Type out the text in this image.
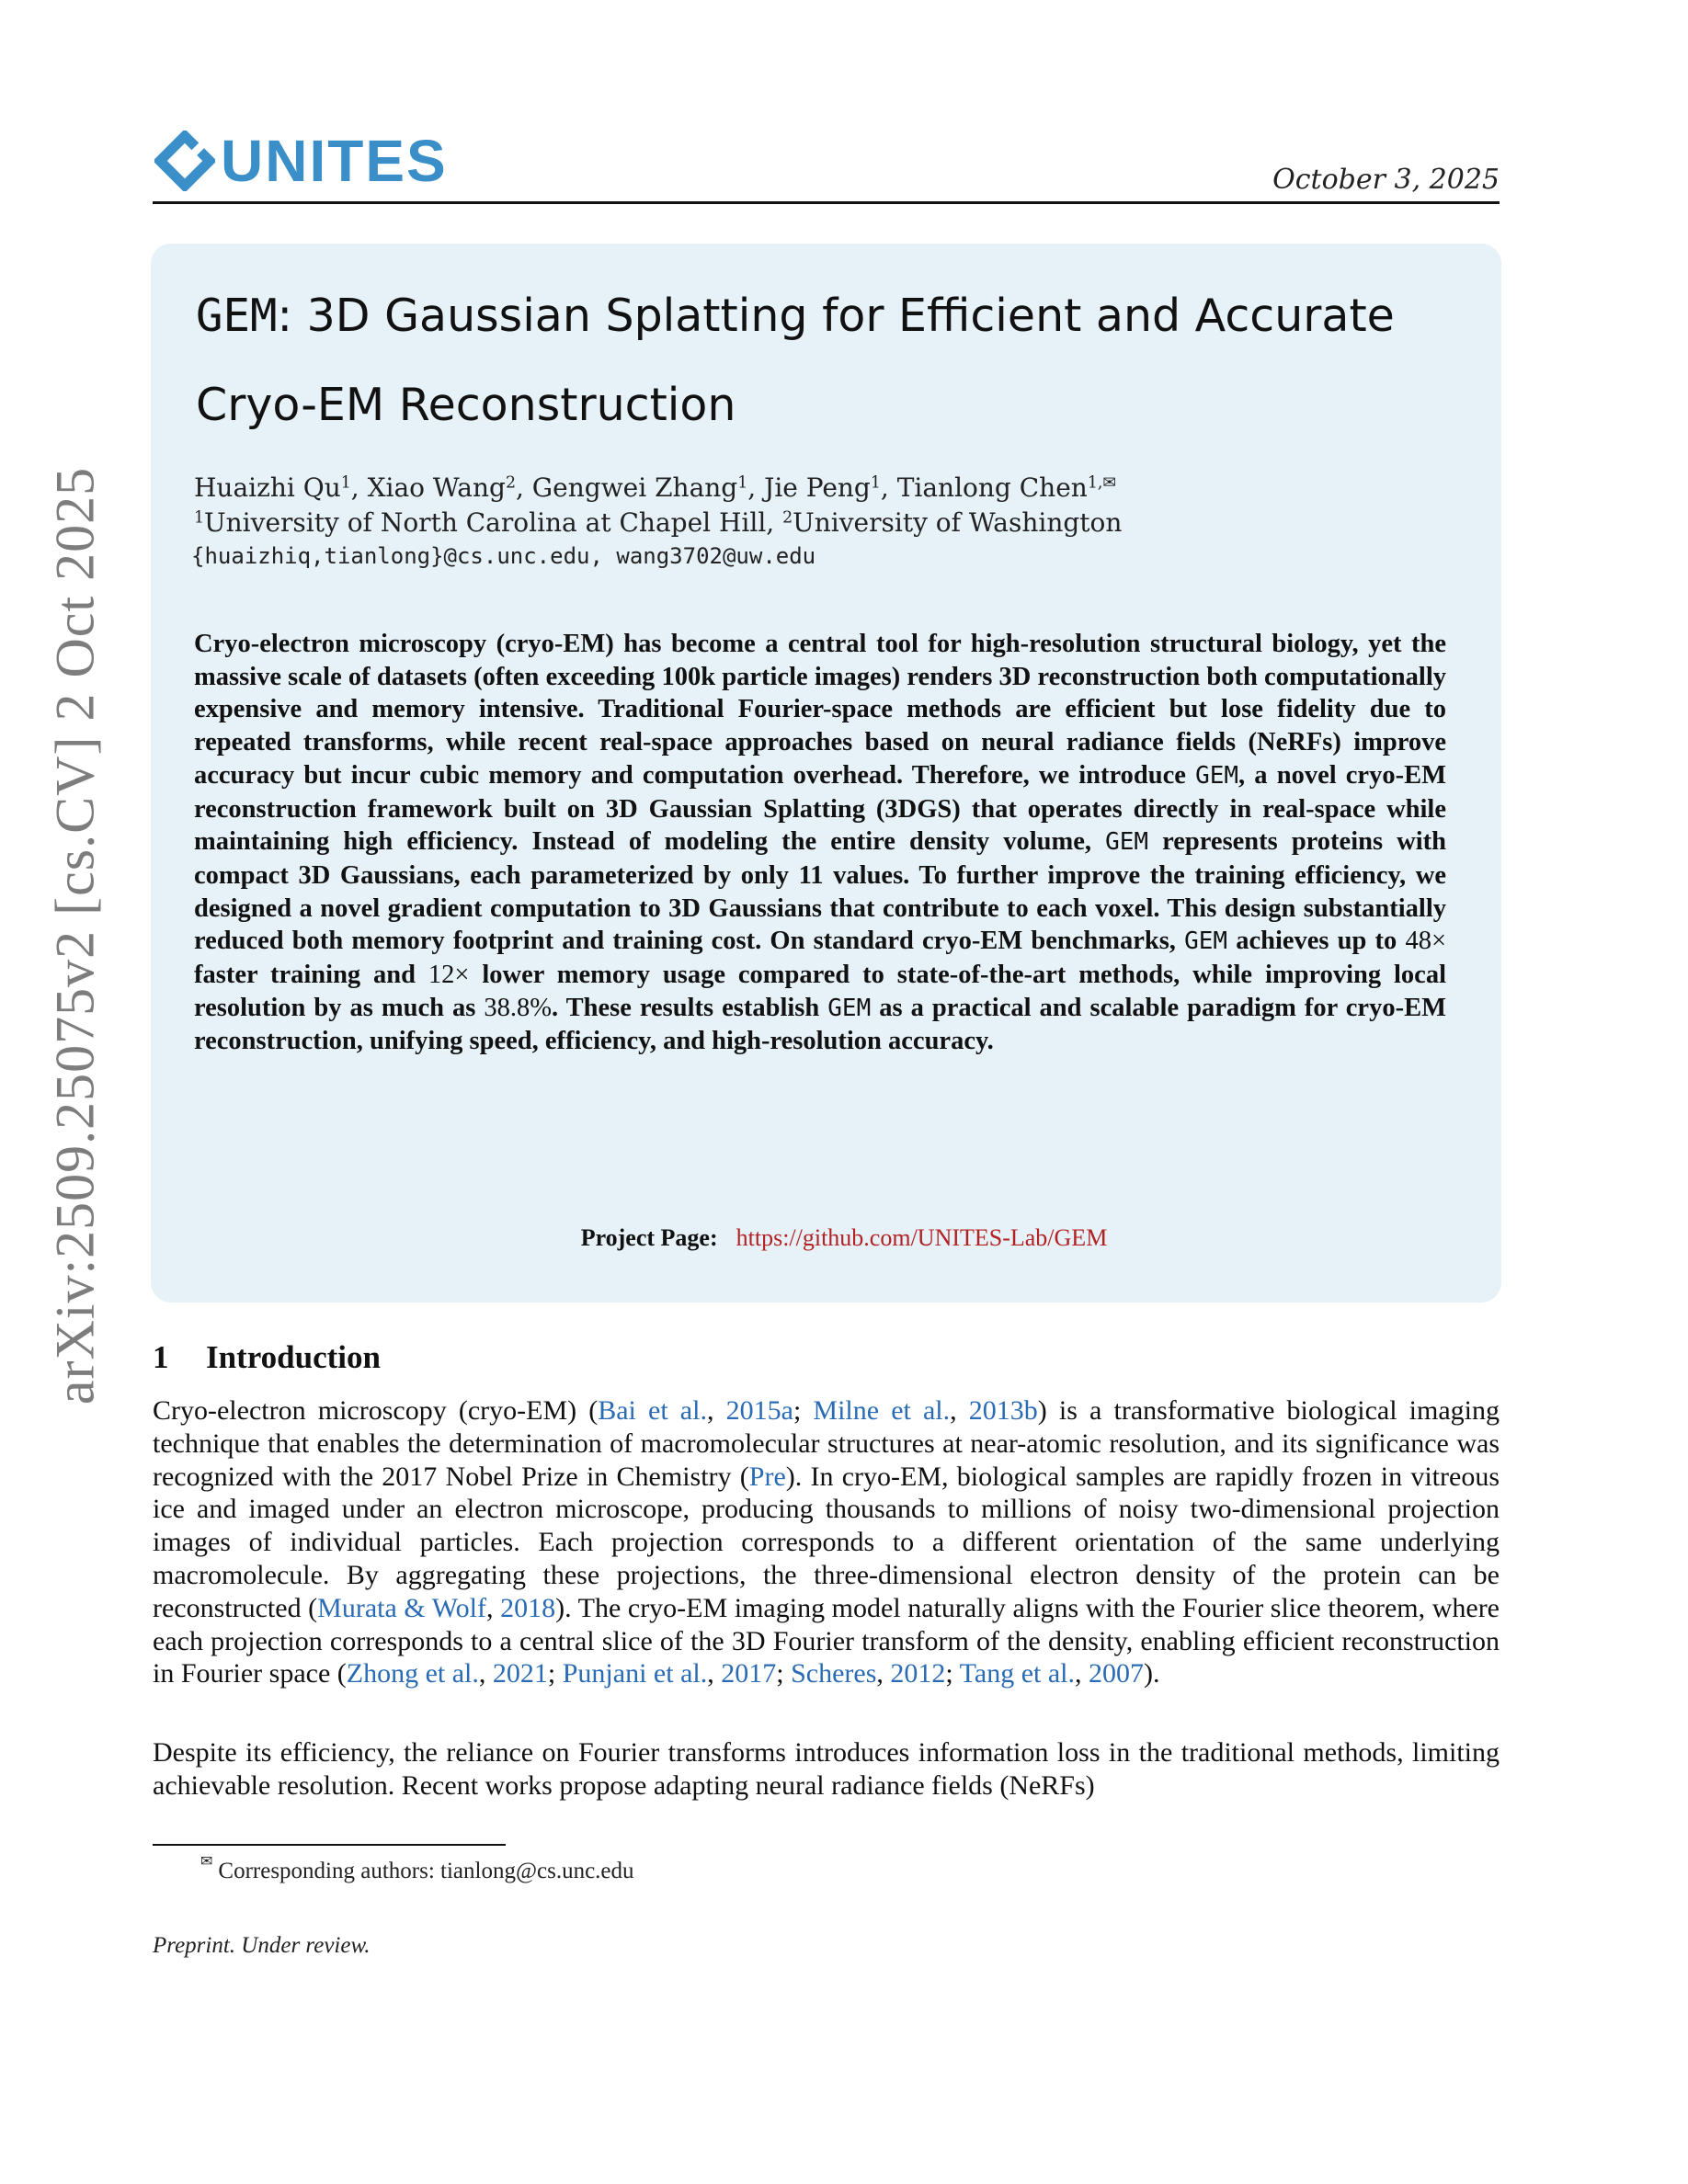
UNITES	October 3, 2025
arXiv:2509.25075v2 [cs.CV] 2 Oct 2025
GEM: 3D Gaussian Splatting for Efficient and Accurate Cryo-EM Reconstruction
Huaizhi Qu$^1$, Xiao Wang$^2$, Gengwei Zhang$^1$, Jie Peng$^1$, Tianlong Chen$^{1,✉}$
$^1$University of North Carolina at Chapel Hill, $^2$University of Washington
{huaizhiq,tianlong}@cs.unc.edu, wang3702@uw.edu
Cryo-electron microscopy (cryo-EM) has become a central tool for high-resolution structural biology, yet the massive scale of datasets (often exceeding 100k particle images) renders 3D reconstruction both computationally expensive and memory intensive. Traditional Fourier-space methods are efficient but lose fidelity due to repeated transforms, while recent real-space approaches based on neural radiance fields (NeRFs) improve accuracy but incur cubic memory and computation overhead. Therefore, we introduce GEM, a novel cryo-EM reconstruction framework built on 3D Gaussian Splatting (3DGS) that operates directly in real-space while maintaining high efficiency. Instead of modeling the entire density volume, GEM represents proteins with compact 3D Gaussians, each parameterized by only 11 values. To further improve the training efficiency, we designed a novel gradient computation to 3D Gaussians that contribute to each voxel. This design substantially reduced both memory footprint and training cost. On standard cryo-EM benchmarks, GEM achieves up to 48× faster training and 12× lower memory usage compared to state-of-the-art methods, while improving local resolution by as much as 38.8%. These results establish GEM as a practical and scalable paradigm for cryo-EM reconstruction, unifying speed, efficiency, and high-resolution accuracy.
Project Page: https://github.com/UNITES-Lab/GEM
1 Introduction
Cryo-electron microscopy (cryo-EM) (Bai et al., 2015a; Milne et al., 2013b) is a transformative biological imaging technique that enables the determination of macromolecular structures at near-atomic resolution, and its significance was recognized with the 2017 Nobel Prize in Chemistry (Pre). In cryo-EM, biological samples are rapidly frozen in vitreous ice and imaged under an electron microscope, producing thousands to millions of noisy two-dimensional projection images of individual particles. Each projection corresponds to a different orientation of the same underlying macromolecule. By aggregating these projections, the three-dimensional electron density of the protein can be reconstructed (Murata & Wolf, 2018). The cryo-EM imaging model naturally aligns with the Fourier slice theorem, where each projection corresponds to a central slice of the 3D Fourier transform of the density, enabling efficient reconstruction in Fourier space (Zhong et al., 2021; Punjani et al., 2017; Scheres, 2012; Tang et al., 2007).
Despite its efficiency, the reliance on Fourier transforms introduces information loss in the traditional methods, limiting achievable resolution. Recent works propose adapting neural radiance fields (NeRFs)
✉ Corresponding authors: tianlong@cs.unc.edu
Preprint. Under review.
